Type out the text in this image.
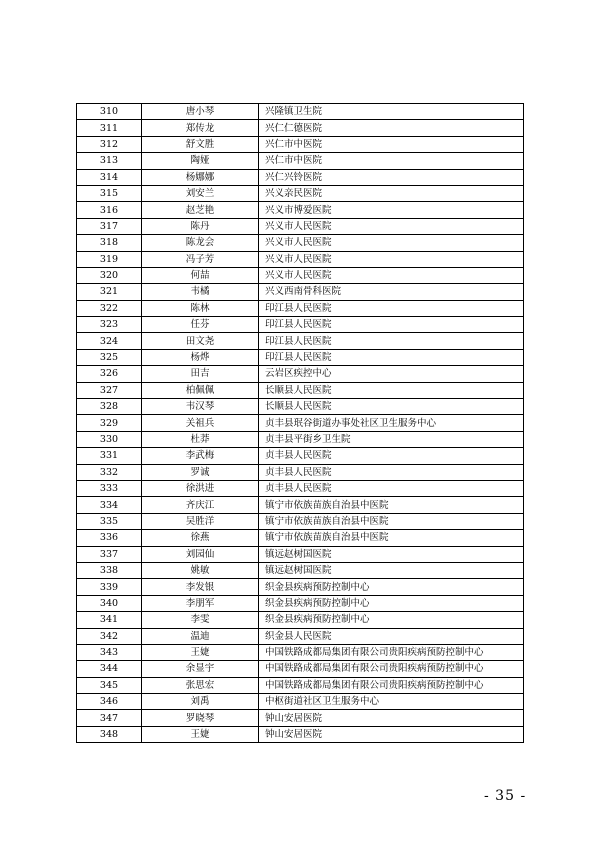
310	唐小琴	兴隆镇卫生院
311	郑传龙	兴仁仁德医院
312	舒文胜	兴仁市中医院
313	陶娅	兴仁市中医院
314	杨娜娜	兴仁兴铃医院
315	刘安兰	兴义亲民医院
316	赵芝艳	兴义市博爱医院
317	陈丹	兴义市人民医院
318	陈龙会	兴义市人民医院
319	冯子芳	兴义市人民医院
320	何喆	兴义市人民医院
321	韦橘	兴义西南骨科医院
322	陈林	印江县人民医院
323	任芬	印江县人民医院
324	田文尧	印江县人民医院
325	杨烨	印江县人民医院
326	田吉	云岩区疾控中心
327	柏佩佩	长顺县人民医院
328	韦汉琴	长顺县人民医院
329	关祖兵	贞丰县珉谷街道办事处社区卫生服务中心
330	杜莽	贞丰县平街乡卫生院
331	李武梅	贞丰县人民医院
332	罗诚	贞丰县人民医院
333	徐洪进	贞丰县人民医院
334	齐庆江	镇宁市依族苗族自治县中医院
335	吴胜洋	镇宁市依族苗族自治县中医院
336	徐燕	镇宁市依族苗族自治县中医院
337	刘园仙	镇远赵树国医院
338	姚敏	镇远赵树国医院
339	李发银	织金县疾病预防控制中心
340	李朋军	织金县疾病预防控制中心
341	李雯	织金县疾病预防控制中心
342	温迪	织金县人民医院
343	王婕	中国铁路成都局集团有限公司贵阳疾病预防控制中心
344	余显宇	中国铁路成都局集团有限公司贵阳疾病预防控制中心
345	张思宏	中国铁路成都局集团有限公司贵阳疾病预防控制中心
346	刘禹	中枢街道社区卫生服务中心
347	罗晓琴	钟山安居医院
348	王婕	钟山安居医院
- 35 -
